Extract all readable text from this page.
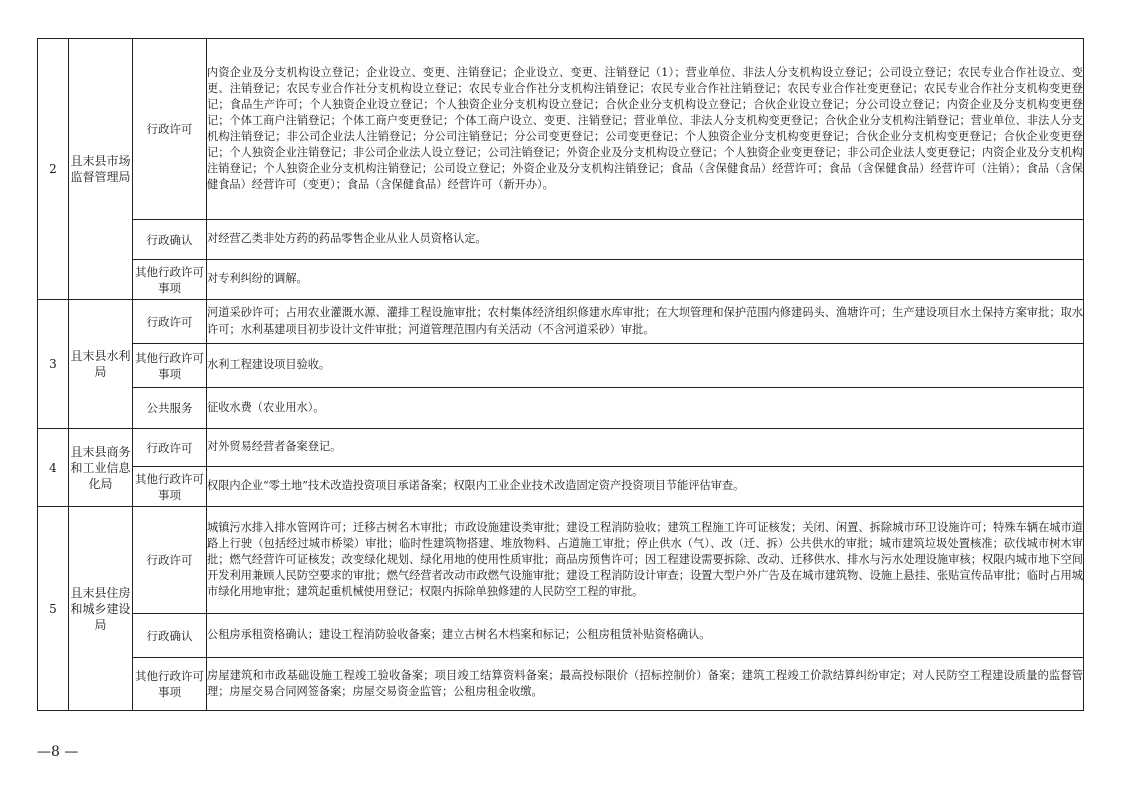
2	且末县市场监督管理局	行政许可	内资企业及分支机构设立登记；企业设立、变更、注销登记；企业设立、变更、注销登记（1）；营业单位、非法人分支机构设立登记；公司设立登记；农民专业合作社设立、变更、注销登记；农民专业合作社分支机构设立登记；农民专业合作社分支机构注销登记；农民专业合作社注销登记；农民专业合作社变更登记；农民专业合作社分支机构变更登记；食品生产许可；个人独资企业设立登记；个人独资企业分支机构设立登记；合伙企业分支机构设立登记；合伙企业设立登记；分公司设立登记；内资企业及分支机构变更登记；个体工商户注销登记；个体工商户变更登记；个体工商户设立、变更、注销登记；营业单位、非法人分支机构变更登记；合伙企业分支机构注销登记；营业单位、非法人分支机构注销登记；非公司企业法人注销登记；分公司注销登记；分公司变更登记；公司变更登记；个人独资企业分支机构变更登记；合伙企业分支机构变更登记；合伙企业变更登记；个人独资企业注销登记；非公司企业法人设立登记；公司注销登记；外资企业及分支机构设立登记；个人独资企业变更登记；非公司企业法人变更登记；内资企业及分支机构注销登记；个人独资企业分支机构注销登记；公司设立登记；外资企业及分支机构注销登记；食品（含保健食品）经营许可；食品（含保健食品）经营许可（注销）；食品（含保健食品）经营许可（变更）；食品（含保健食品）经营许可（新开办）。
		行政确认	对经营乙类非处方药的药品零售企业从业人员资格认定。
		其他行政许可事项	对专利纠纷的调解。
3	且末县水利局	行政许可	河道采砂许可；占用农业灌溉水源、灌排工程设施审批；农村集体经济组织修建水库审批；在大坝管理和保护范围内修建码头、渔塘许可；生产建设项目水土保持方案审批；取水许可；水利基建项目初步设计文件审批；河道管理范围内有关活动（不含河道采砂）审批。
		其他行政许可事项	水利工程建设项目验收。
		公共服务	征收水费（农业用水）。
4	且末县商务和工业信息化局	行政许可	对外贸易经营者备案登记。
		其他行政许可事项	权限内企业“零土地”技术改造投资项目承诺备案；权限内工业企业技术改造固定资产投资项目节能评估审查。
5	且末县住房和城乡建设局	行政许可	城镇污水排入排水管网许可；迁移古树名木审批；市政设施建设类审批；建设工程消防验收；建筑工程施工许可证核发；关闭、闲置、拆除城市环卫设施许可；特殊车辆在城市道路上行驶（包括经过城市桥梁）审批；临时性建筑物搭建、堆放物料、占道施工审批；停止供水（气）、改（迁、拆）公共供水的审批；城市建筑垃圾处置核准；砍伐城市树木审批；燃气经营许可证核发；改变绿化规划、绿化用地的使用性质审批；商品房预售许可；因工程建设需要拆除、改动、迁移供水、排水与污水处理设施审核；权限内城市地下空间开发利用兼顾人民防空要求的审批；燃气经营者改动市政燃气设施审批；建设工程消防设计审查；设置大型户外广告及在城市建筑物、设施上悬挂、张贴宣传品审批；临时占用城市绿化用地审批；建筑起重机械使用登记；权限内拆除单独修建的人民防空工程的审批。
		行政确认	公租房承租资格确认；建设工程消防验收备案；建立古树名木档案和标记；公租房租赁补贴资格确认。
		其他行政许可事项	房屋建筑和市政基础设施工程竣工验收备案；项目竣工结算资料备案；最高投标限价（招标控制价）备案；建筑工程竣工价款结算纠纷审定；对人民防空工程建设质量的监督管理；房屋交易合同网签备案；房屋交易资金监管；公租房租金收缴。
—8 —
